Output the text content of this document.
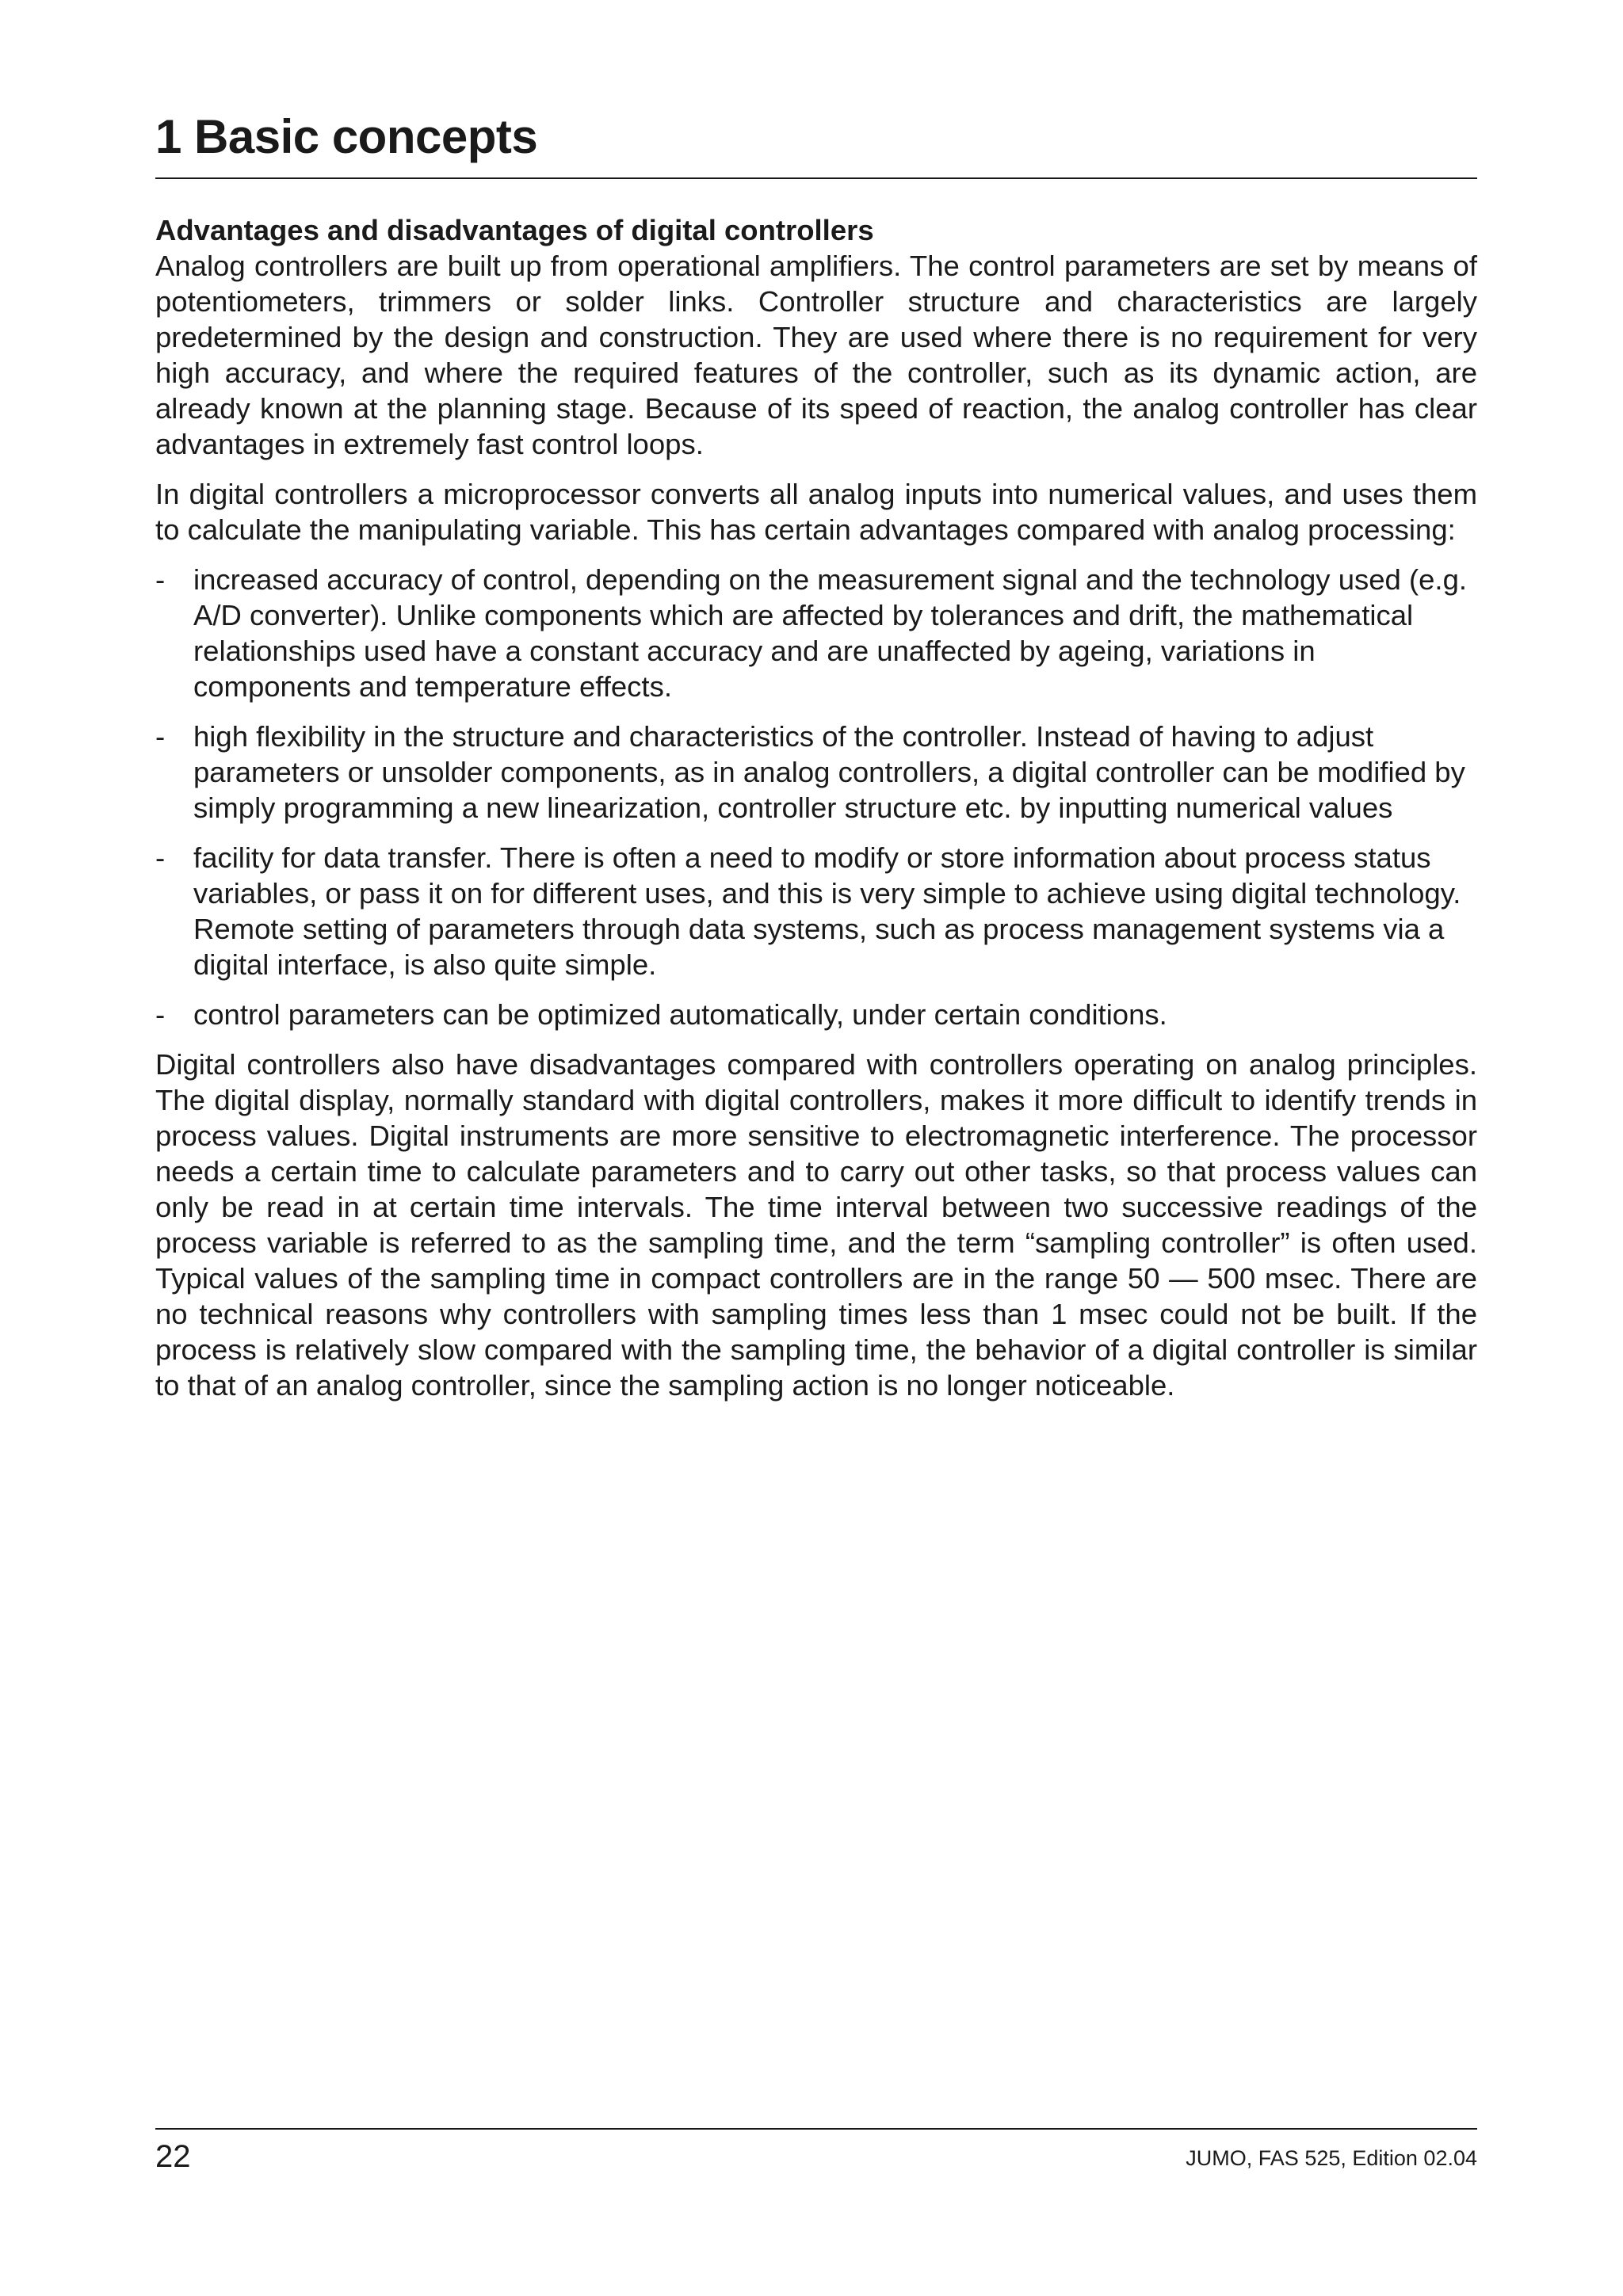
1 Basic concepts
Advantages and disadvantages of digital controllers

Analog controllers are built up from operational amplifiers. The control parameters are set by means of potentiometers, trimmers or solder links. Controller structure and characteristics are largely predetermined by the design and construction. They are used where there is no requirement for very high accuracy, and where the required features of the controller, such as its dynamic action, are already known at the planning stage. Because of its speed of reaction, the analog controller has clear advantages in extremely fast control loops.

In digital controllers a microprocessor converts all analog inputs into numerical values, and uses them to calculate the manipulating variable. This has certain advantages compared with analog processing:

- increased accuracy of control, depending on the measurement signal and the technology used (e.g. A/D converter). Unlike components which are affected by tolerances and drift, the mathematical relationships used have a constant accuracy and are unaffected by ageing, variations in components and temperature effects.
- high flexibility in the structure and characteristics of the controller. Instead of having to adjust parameters or unsolder components, as in analog controllers, a digital controller can be modified by simply programming a new linearization, controller structure etc. by inputting numerical values
- facility for data transfer. There is often a need to modify or store information about process status variables, or pass it on for different uses, and this is very simple to achieve using digital technology. Remote setting of parameters through data systems, such as process management systems via a digital interface, is also quite simple.
- control parameters can be optimized automatically, under certain conditions.

Digital controllers also have disadvantages compared with controllers operating on analog principles. The digital display, normally standard with digital controllers, makes it more difficult to identify trends in process values. Digital instruments are more sensitive to electromagnetic interference. The processor needs a certain time to calculate parameters and to carry out other tasks, so that process values can only be read in at certain time intervals. The time interval between two successive readings of the process variable is referred to as the sampling time, and the term “sampling controller” is often used. Typical values of the sampling time in compact controllers are in the range 50 — 500 msec. There are no technical reasons why controllers with sampling times less than 1 msec could not be built. If the process is relatively slow compared with the sampling time, the behavior of a digital controller is similar to that of an analog controller, since the sampling action is no longer noticeable.

22	JUMO, FAS 525, Edition 02.04
